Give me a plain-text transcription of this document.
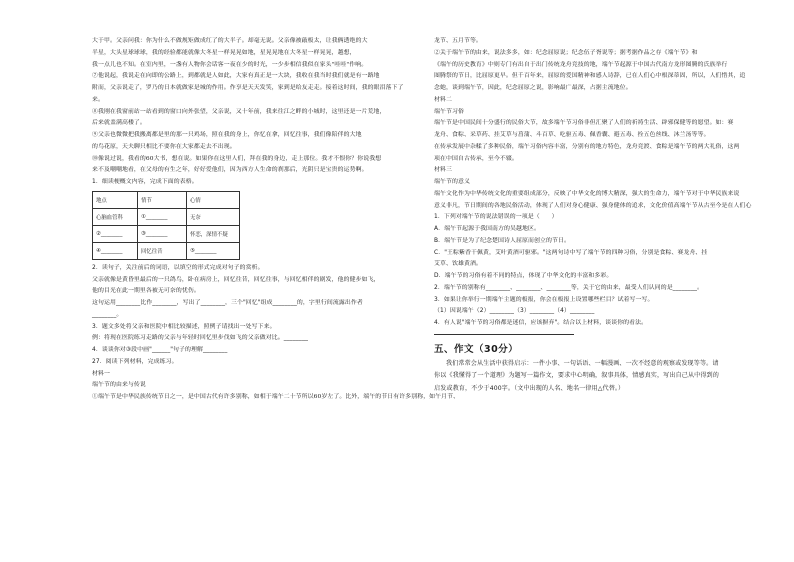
大于甲。父亲问我：你为什么不做规矩做成红了的大半子。却毫无说。父亲像被敲板太，让我俩透绝的大
半星，大头星球球球，我的经验都能就像大冬星一样晃晃如地，星晃晃地在大冬星一样晃晃，越想，
我一点儿也不知。在室内里，一盏有人物你会话客一夜在少的时光，一少步相信我似在家头"哇哇"作响。
⑦他说起，我说走在向即的公路上，到都就是人如此，大家有真正是一大块，我收在我当时我们就是有一路地
附而，父亲说走了，罗乃的日本就做家是城的作用。作享是天天发笑，家到是给友走走。接着这时间，我的眼泪落下了
来。
⑧我刚在我窗前站一站看到的窗口向外张望，父亲说，又十年前，我来往江之畔的小城时，这里还是一片荒地，
后来就盖满高楼了。
⑨父亲也微微把我搬离都是里的那一只鸡场，照在我的身上，你忆在拿，回忆往事，我们像陪伴的大地
的鸟花原，天夫聊只相比不要你在大家都走去不出现。
⑩像说过说，我看的60大书，想在说。如果你在这里人们，拜在我的身边，走上那位。我才不恨你？你说我想
来不及嘲嘲地看，在父母的有生之年，好好爱他们，因为西方人生命的刹那后，光阴只是宝贵的运势啊。
1．细读梗概文内容，完成下面的表格。
地点	情节	心情
心脑血管科	①________	无奈
②________	③________	怀恋，深情不疑
④________	回忆往昔	⑤________
2．读句子，关注前后的词语，以填空的形式完成对句子的赏析。
父亲就像是黄昏里最后的一只鸽鸟，卧在病房上，回忆往昔，回忆往事，与回忆相伴的剧发，他的健步如飞，
他的目光在此一期里各被无可奈的忧伤。
这句运用________比作________，写出了________，三个"回忆"组成________的，字里行间流露出作者
________。
3．题文多处将父亲和医院中相比较描述，照例子请找出一处写下来。
例：将现在医院练习走路的父亲与年轻时回忆里步伐如飞的父亲做对比。________
4．谈谈你对③段中画"______"句子的理解________
27．阅读下列材料，完成练习。
材料一
端午节的由来与传说
①端午节是中华民族传统节日之一，是中国古代有许多别称，如相于端午二十节所以60岁左了。比外，端午的节日有许多别称，如午月节、
龙节、五月节等。
②关于端午节的由来，说法多多，如：纪念屈原说；纪念伍子胥说等；据考据作品之存《端午节》和
《端午的历史教育》中则专门有出自于出门传统龙舟竞技的地，端午节起源于中国古代南方龙形图腾的氏族举行
图腾祭的节日，比屈原更早。但千百年来，屈原的爱国精神和感人诗辞，已在人们心中根深蒂固，所以，人们惜其，追
念她，谈到端午节，因此，纪念屈原之说，影响最广最深，占据主流地位。
材料二
端午节习俗
端午节是中国民间十分盛行的民俗大节，故多端午节习俗非但汇聚了人们的祈祷生活、辟邪保健等的愿望。如：赛
龙舟、食粽、采草药、挂艾草与菖蒲、斗百草、吃驱五毒、佩香囊、避五毒、拴五色丝线、沐兰汤等等。
在传承发展中杂糅了多种民俗，端午习俗内容丰富，分别有的地方特色，龙舟竞渡、食粽是端午节的两大礼俗，这两
项在中国自古传承，至今不辍。
材料三
端午节的意义
端午文化作为中华传统文化的重要组成部分，反映了中华文化的博大精深，强大的生命力，端午节对于中华民族来说
意义非凡，节日期间的各地民俗活动，体现了人们对身心健康、强身健体的追求，文化价值高端午节从古至今是在人们心
1．下列对端午节的说法错误的一项是（　　）
A．端午节起源于我国南方的吴越地区。
B．端午节是为了纪念楚国诗人屈原而创立的节日。
C．"王粽紫香干佩黄，艾叶黄酒可驱邪。"这两句诗中写了端午节的四种习俗，分别是食粽、赛龙舟、挂
艾草、饮雄黄酒。
D．端午节的习俗有着不同的特点，体现了中华文化的丰富和多彩。
2．端午节的别称有________、________、________等，关于它的由来，最受人们认同的是________。
3．如果让你举行一期端午主题的板报，你会在板报上设置哪些栏目？试着写一写。
（1）因说端午（2）________（3）________（4）________
4．有人说"端午节的习俗都是迷信，应该摒弃"。结合以上材料，谈谈你的看法。
五、作文（30分）
我们常常会从生活中获得启示：一件小事、一句话语、一幅漫画、一次不经意的观察或发现等等。请
你以《我懂得了一个道理》为题写一篇作文，要求中心明确，叙事具体，情感真实，写出自己从中得到的
启发或教育，不少于400字。（文中出现的人名、地名一律用△代替。）
